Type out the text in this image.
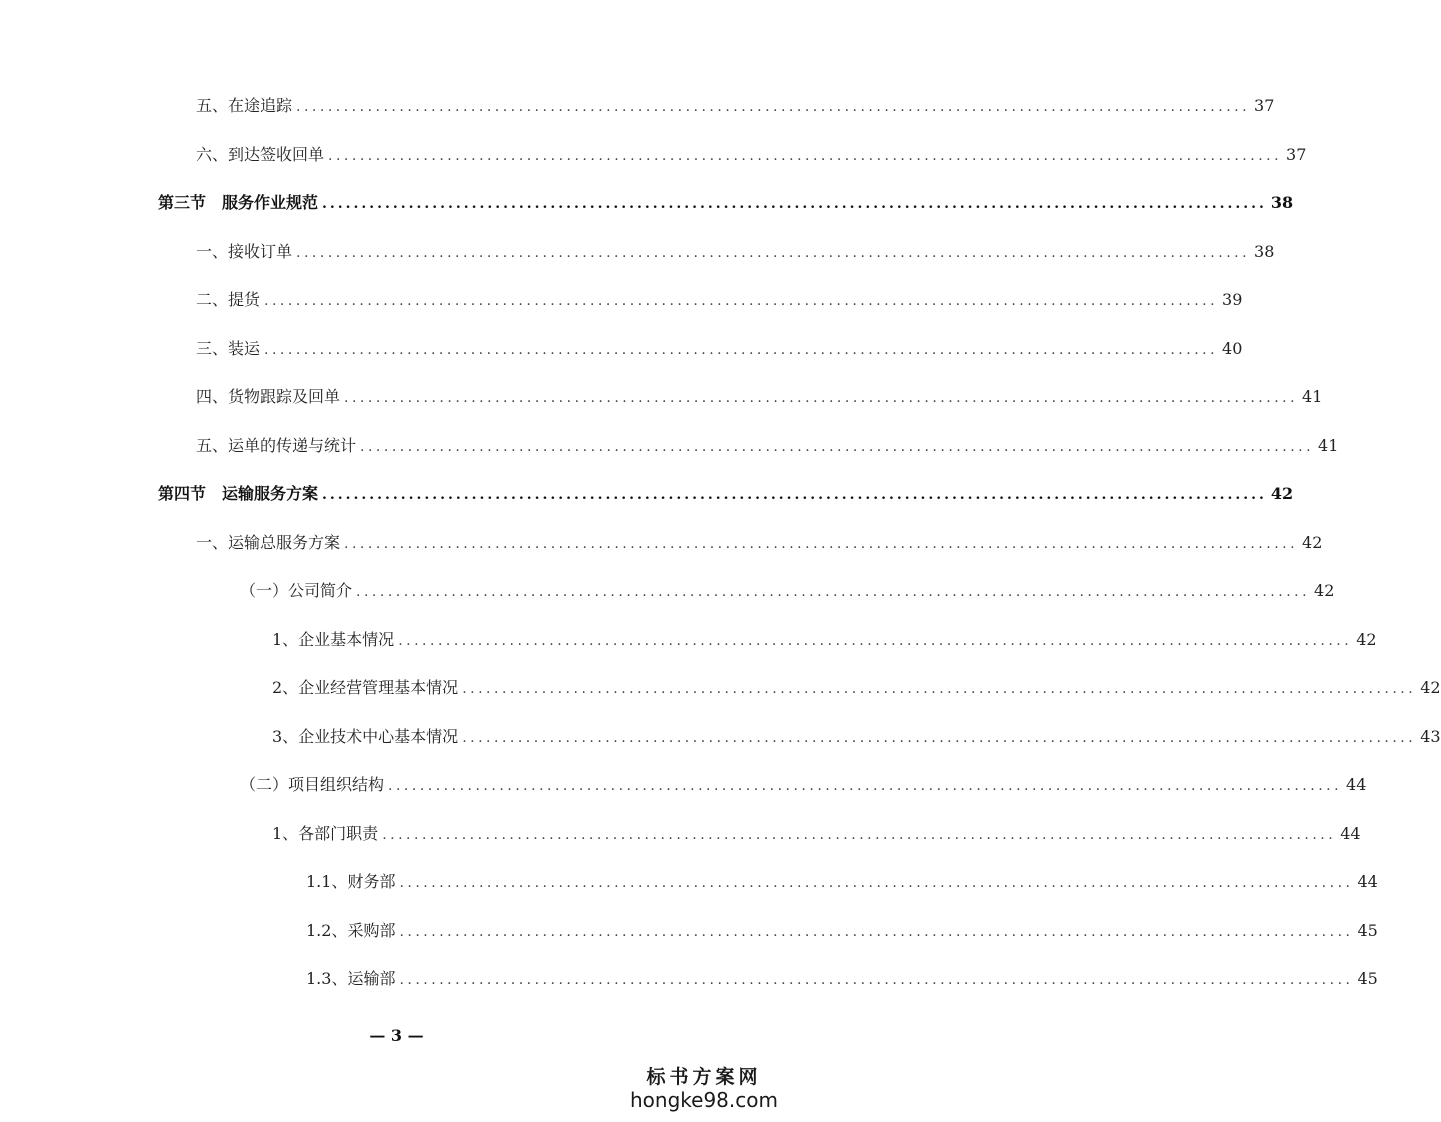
五、在途追踪 ........................................................................................................................ 37
六、到达签收回单 ........................................................................................................................ 37
第三节　服务作业规范 ........................................................................................................................ 38
一、接收订单 ........................................................................................................................ 38
二、提货 ........................................................................................................................ 39
三、装运 ........................................................................................................................ 40
四、货物跟踪及回单 ........................................................................................................................ 41
五、运单的传递与统计 ........................................................................................................................ 41
第四节　运输服务方案 ........................................................................................................................ 42
一、运输总服务方案 ........................................................................................................................ 42
（一）公司简介 ........................................................................................................................ 42
1、企业基本情况 ........................................................................................................................ 42
2、企业经营管理基本情况 ........................................................................................................................ 42
3、企业技术中心基本情况 ........................................................................................................................ 43
（二）项目组织结构 ........................................................................................................................ 44
1、各部门职责 ........................................................................................................................ 44
1.1、财务部 ........................................................................................................................ 44
1.2、采购部 ........................................................................................................................ 45
1.3、运输部 ........................................................................................................................ 45
— 3 —
标书方案网
hongke98.com
